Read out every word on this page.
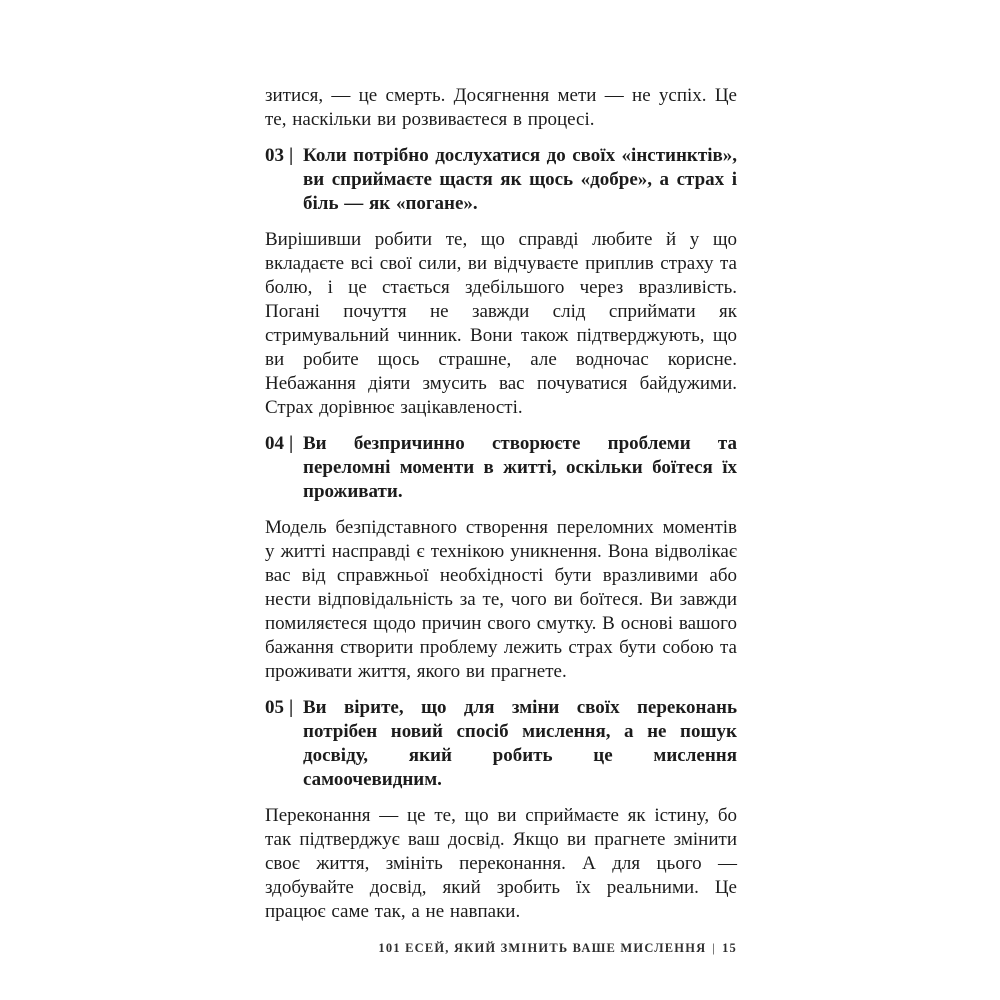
зитися, — це смерть. Досягнення мети — не успіх. Це те, наскільки ви розвиваєтеся в процесі.

03 | Коли потрібно дослухатися до своїх «інстинктів», ви сприймаєте щастя як щось «добре», а страх і біль — як «погане».

Вирішивши робити те, що справді любите й у що вкладаєте всі свої сили, ви відчуваєте приплив страху та болю, і це стається здебільшого через вразливість. Погані почуття не завжди слід сприймати як стримувальний чинник. Вони також підтверджують, що ви робите щось страшне, але водночас корисне. Небажання діяти змусить вас почуватися байдужими. Страх дорівнює зацікавленості.

04 | Ви безпричинно створюєте проблеми та переломні моменти в житті, оскільки боїтеся їх проживати.

Модель безпідставного створення переломних моментів у житті насправді є технікою уникнення. Вона відволікає вас від справжньої необхідності бути вразливими або нести відповідальність за те, чого ви боїтеся. Ви завжди помиляєтеся щодо причин свого смутку. В основі вашого бажання створити проблему лежить страх бути собою та проживати життя, якого ви прагнете.

05 | Ви вірите, що для зміни своїх переконань потрібен новий спосіб мислення, а не пошук досвіду, який робить це мислення самоочевидним.

Переконання — це те, що ви сприймаєте як істину, бо так підтверджує ваш досвід. Якщо ви прагнете змінити своє життя, змініть переконання. А для цього — здобувайте досвід, який зробить їх реальними. Це працює саме так, а не навпаки.

101 ЕСЕЙ, ЯКИЙ ЗМІНИТЬ ВАШЕ МИСЛЕННЯ | 15
